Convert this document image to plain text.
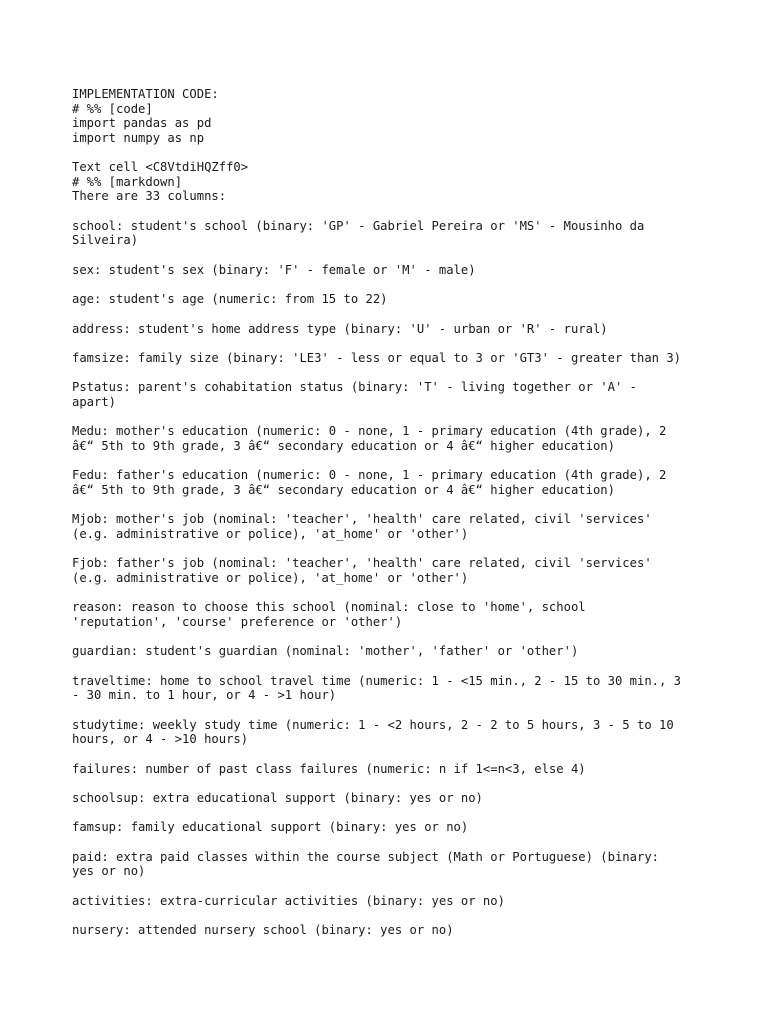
IMPLEMENTATION CODE:
# %% [code]
import pandas as pd
import numpy as np
Text cell <C8VtdiHQZff0>
# %% [markdown]
There are 33 columns:
school: student's school (binary: 'GP' - Gabriel Pereira or 'MS' - Mousinho da
Silveira)
sex: student's sex (binary: 'F' - female or 'M' - male)
age: student's age (numeric: from 15 to 22)
address: student's home address type (binary: 'U' - urban or 'R' - rural)
famsize: family size (binary: 'LE3' - less or equal to 3 or 'GT3' - greater than 3)
Pstatus: parent's cohabitation status (binary: 'T' - living together or 'A' -
apart)
Medu: mother's education (numeric: 0 - none, 1 - primary education (4th grade), 2
â€“ 5th to 9th grade, 3 â€“ secondary education or 4 â€“ higher education)
Fedu: father's education (numeric: 0 - none, 1 - primary education (4th grade), 2
â€“ 5th to 9th grade, 3 â€“ secondary education or 4 â€“ higher education)
Mjob: mother's job (nominal: 'teacher', 'health' care related, civil 'services'
(e.g. administrative or police), 'at_home' or 'other')
Fjob: father's job (nominal: 'teacher', 'health' care related, civil 'services'
(e.g. administrative or police), 'at_home' or 'other')
reason: reason to choose this school (nominal: close to 'home', school
'reputation', 'course' preference or 'other')
guardian: student's guardian (nominal: 'mother', 'father' or 'other')
traveltime: home to school travel time (numeric: 1 - <15 min., 2 - 15 to 30 min., 3
- 30 min. to 1 hour, or 4 - >1 hour)
studytime: weekly study time (numeric: 1 - <2 hours, 2 - 2 to 5 hours, 3 - 5 to 10
hours, or 4 - >10 hours)
failures: number of past class failures (numeric: n if 1<=n<3, else 4)
schoolsup: extra educational support (binary: yes or no)
famsup: family educational support (binary: yes or no)
paid: extra paid classes within the course subject (Math or Portuguese) (binary:
yes or no)
activities: extra-curricular activities (binary: yes or no)
nursery: attended nursery school (binary: yes or no)
